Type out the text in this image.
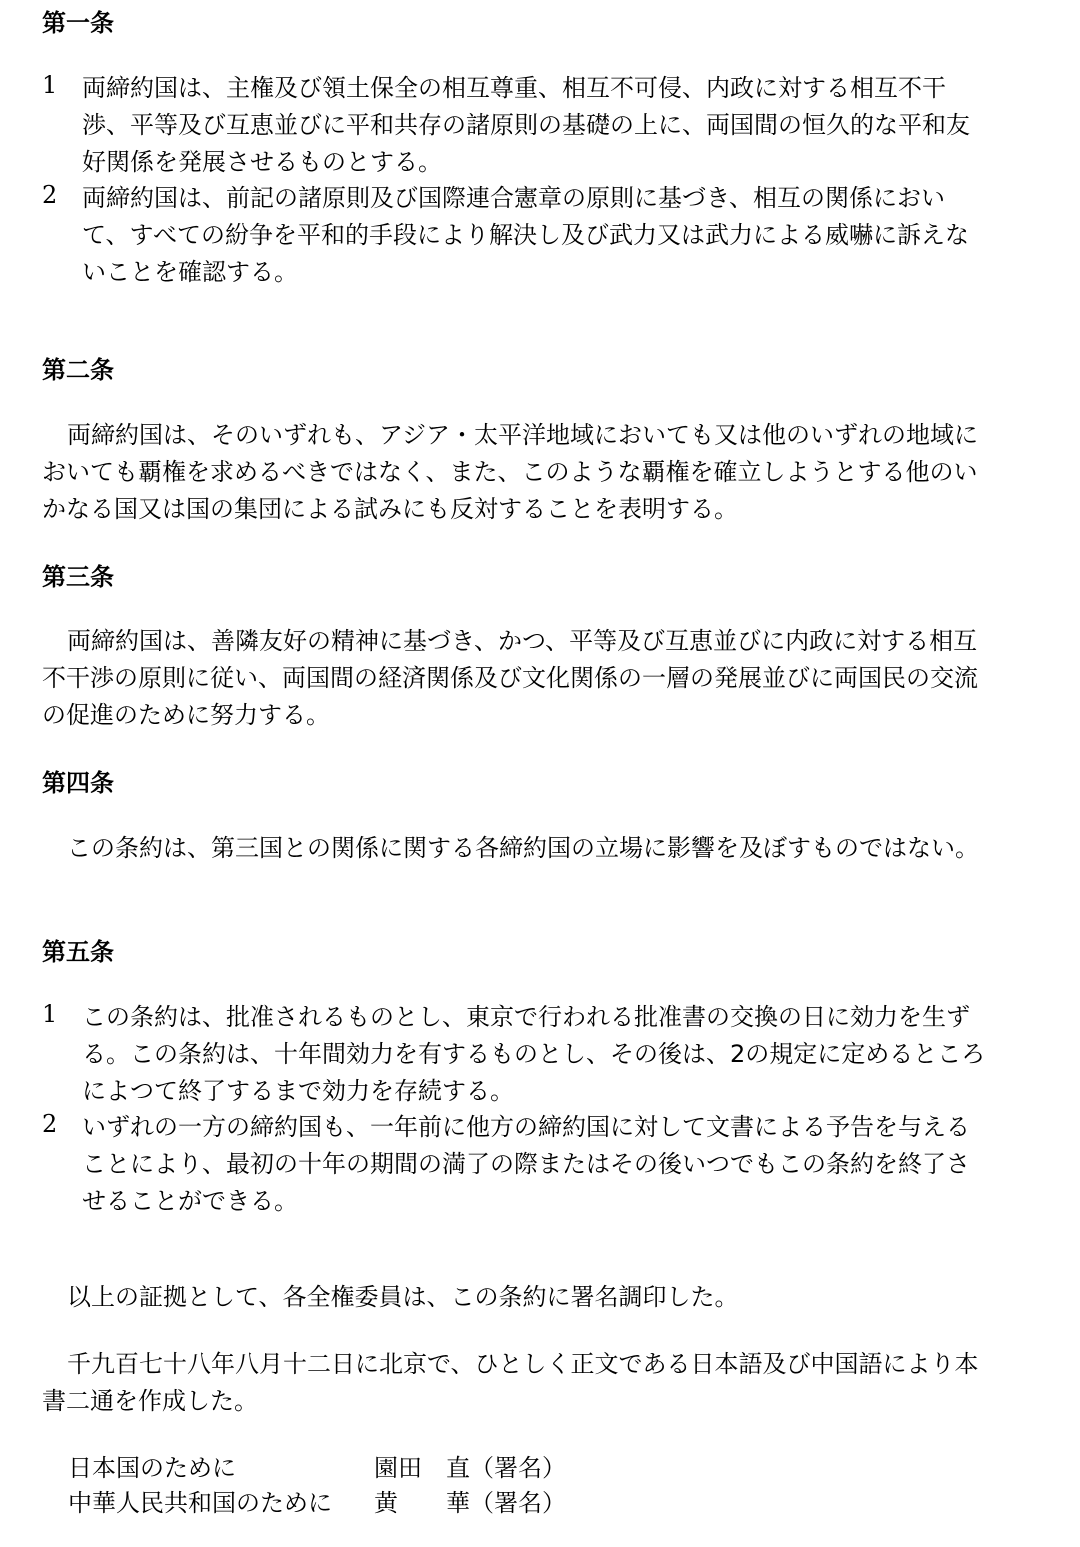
第一条
1 両締約国は、主権及び領土保全の相互尊重、相互不可侵、内政に対する相互不干渉、平等及び互恵並びに平和共存の諸原則の基礎の上に、両国間の恒久的な平和友好関係を発展させるものとする。
2 両締約国は、前記の諸原則及び国際連合憲章の原則に基づき、相互の関係において、すべての紛争を平和的手段により解決し及び武力又は武力による威嚇に訴えないことを確認する。
第二条
両締約国は、そのいずれも、アジア・太平洋地域においても又は他のいずれの地域においても覇権を求めるべきではなく、また、このような覇権を確立しようとする他のいかなる国又は国の集団による試みにも反対することを表明する。
第三条
両締約国は、善隣友好の精神に基づき、かつ、平等及び互恵並びに内政に対する相互不干渉の原則に従い、両国間の経済関係及び文化関係の一層の発展並びに両国民の交流の促進のために努力する。
第四条
この条約は、第三国との関係に関する各締約国の立場に影響を及ぼすものではない。
第五条
1 この条約は、批准されるものとし、東京で行われる批准書の交換の日に効力を生ずる。この条約は、十年間効力を有するものとし、その後は、2の規定に定めるところによつて終了するまで効力を存続する。
2 いずれの一方の締約国も、一年前に他方の締約国に対して文書による予告を与えることにより、最初の十年の期間の満了の際またはその後いつでもこの条約を終了させることができる。
以上の証拠として、各全権委員は、この条約に署名調印した。
千九百七十八年八月十二日に北京で、ひとしく正文である日本語及び中国語により本書二通を作成した。
日本国のために	園田　直（署名）
中華人民共和国のために 黄　　華（署名）
